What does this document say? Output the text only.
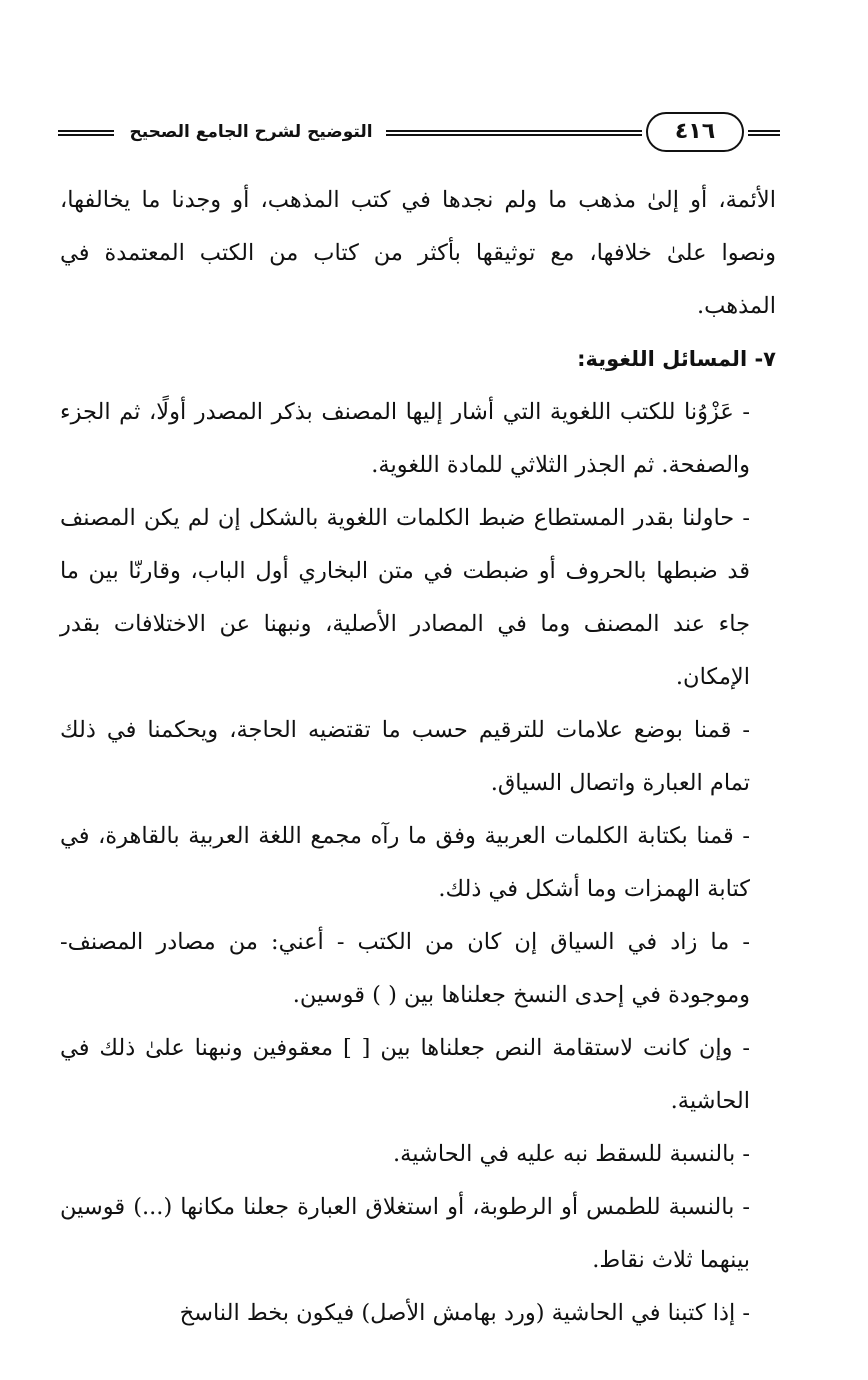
التوضيح لشرح الجامع الصحيح	٤١٦

الأئمة، أو إلىٰ مذهب ما ولم نجدها في كتب المذهب، أو وجدنا ما يخالفها، ونصوا علىٰ خلافها، مع توثيقها بأكثر من كتاب من الكتب المعتمدة في المذهب.

٧- المسائل اللغوية:

- عَزْوُنا للكتب اللغوية التي أشار إليها المصنف بذكر المصدر أولًا، ثم الجزء والصفحة. ثم الجذر الثلاثي للمادة اللغوية.

- حاولنا بقدر المستطاع ضبط الكلمات اللغوية بالشكل إن لم يكن المصنف قد ضبطها بالحروف أو ضبطت في متن البخاري أول الباب، وقارنّا بين ما جاء عند المصنف وما في المصادر الأصلية، ونبهنا عن الاختلافات بقدر الإمكان.

- قمنا بوضع علامات للترقيم حسب ما تقتضيه الحاجة، ويحكمنا في ذلك تمام العبارة واتصال السياق.

- قمنا بكتابة الكلمات العربية وفق ما رآه مجمع اللغة العربية بالقاهرة، في كتابة الهمزات وما أشكل في ذلك.

- ما زاد في السياق إن كان من الكتب - أعني: من مصادر المصنف- وموجودة في إحدى النسخ جعلناها بين ( ) قوسين.

- وإن كانت لاستقامة النص جعلناها بين [ ] معقوفين ونبهنا علىٰ ذلك في الحاشية.

- بالنسبة للسقط نبه عليه في الحاشية.

- بالنسبة للطمس أو الرطوبة، أو استغلاق العبارة جعلنا مكانها (...) قوسين بينهما ثلاث نقاط.

- إذا كتبنا في الحاشية (ورد بهامش الأصل) فيكون بخط الناسخ
